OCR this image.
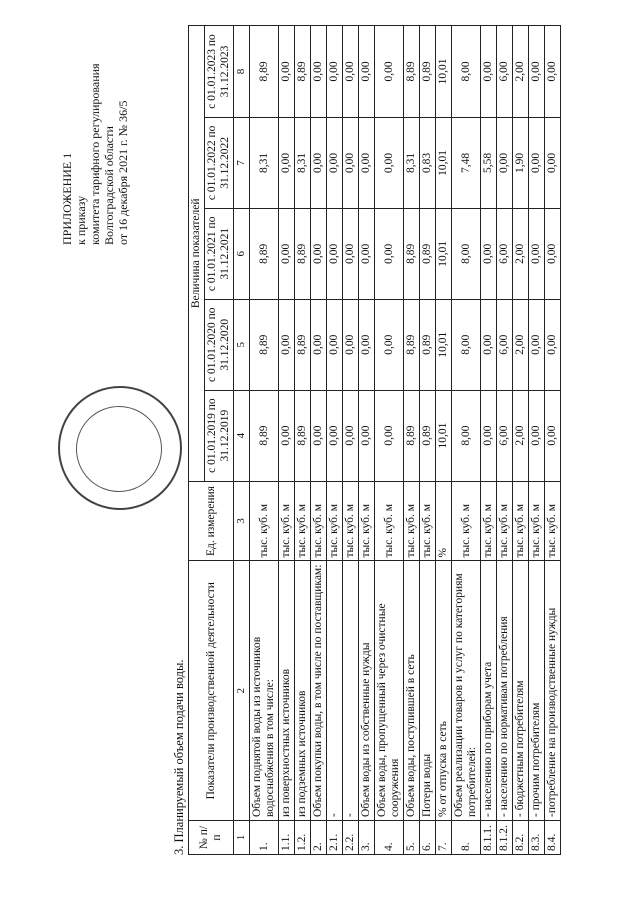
ПРИЛОЖЕНИЕ 1 к приказу комитета тарифного регулирования Волгоградской области от 16 декабря 2021 г. № 36/5
3. Планируемый объем подачи воды. № п/п	Показатели производственной деятельности	Ед. измерения	Величина показателей				
			с 01.01.2019 по 31.12.2019	с 01.01.2020 по 31.12.2020	с 01.01.2021 по 31.12.2021	с 01.01.2022 по 31.12.2022	с 01.01.2023 по 31.12.2023
1	2	3	4	5	6	7	8
1.	Объем поднятой воды из источников водоснабжения в том числе:	тыс. куб. м	8,89	8,89	8,89	8,31	8,89
1.1.	из поверхностных источников	тыс. куб. м	0,00	0,00	0,00	0,00	0,00
1.2.	из подземных источников	тыс. куб. м	8,89	8,89	8,89	8,31	8,89
2.	Объем покупки воды, в том числе по поставщикам:	тыс. куб. м	0,00	0,00	0,00	0,00	0,00
2.1.	-	тыс. куб. м	0,00	0,00	0,00	0,00	0,00
2.2.	-	тыс. куб. м	0,00	0,00	0,00	0,00	0,00
3.	Объем воды из собственные нужды	тыс. куб. м	0,00	0,00	0,00	0,00	0,00
4.	Объем воды, пропущенный через очистные сооружения	тыс. куб. м	0,00	0,00	0,00	0,00	0,00
5.	Объем воды, поступившей в сеть	тыс. куб. м	8,89	8,89	8,89	8,31	8,89
6.	Потери воды	тыс. куб. м	0,89	0,89	0,89	0,83	0,89
7.	% от отпуска в сеть	%	10,01	10,01	10,01	10,01	10,01
8.	Объем реализации товаров и услуг по категориям потребителей:	тыс. куб. м	8,00	8,00	8,00	7,48	8,00
8.1.1.	- населению по приборам учета	тыс. куб. м	0,00	0,00	0,00	5,58	0,00
8.1.2.	- населению по нормативам потребления	тыс. куб. м	6,00	6,00	6,00	0,00	6,00
8.2.	- бюджетным потребителям	тыс. куб. м	2,00	2,00	2,00	1,90	2,00
8.3.	- прочим потребителям	тыс. куб. м	0,00	0,00	0,00	0,00	0,00
8.4.	-потребление на производственные нужды	тыс. куб. м	0,00	0,00	0,00	0,00	0,00
